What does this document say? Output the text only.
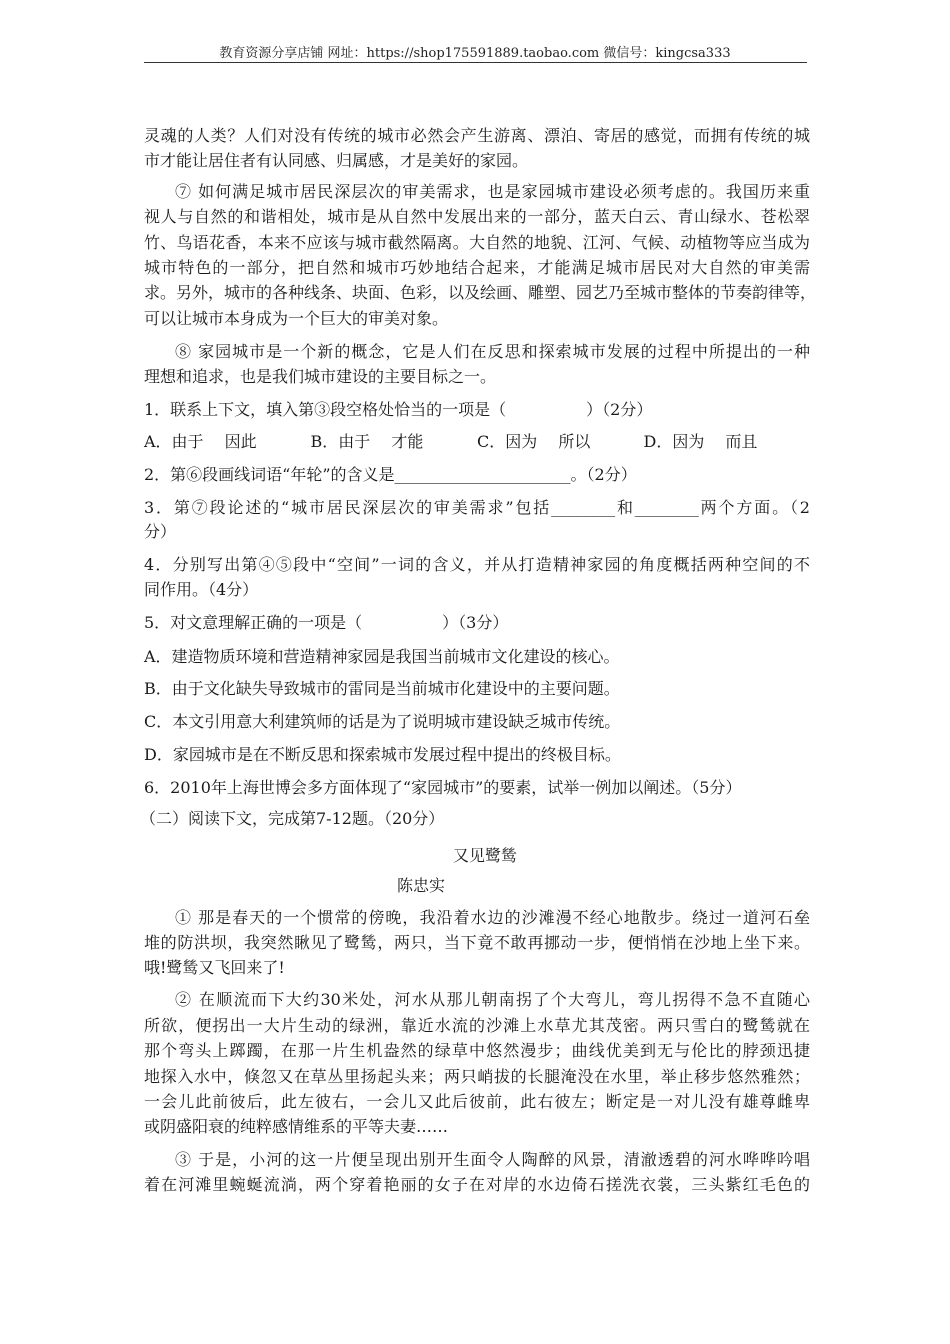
教育资源分享店铺 网址：https://shop175591889.taobao.com 微信号：kingcsa333
灵魂的人类？人们对没有传统的城市必然会产生游离、漂泊、寄居的感觉，而拥有传统的城
市才能让居住者有认同感、归属感，才是美好的家园。
⑦ 如何满足城市居民深层次的审美需求，也是家园城市建设必须考虑的。我国历来重
视人与自然的和谐相处，城市是从自然中发展出来的一部分，蓝天白云、青山绿水、苍松翠
竹、鸟语花香，本来不应该与城市截然隔离。大自然的地貌、江河、气候、动植物等应当成为
城市特色的一部分，把自然和城市巧妙地结合起来，才能满足城市居民对大自然的审美需
求。另外，城市的各种线条、块面、色彩，以及绘画、雕塑、园艺乃至城市整体的节奏韵律等，
可以让城市本身成为一个巨大的审美对象。
⑧ 家园城市是一个新的概念，它是人们在反思和探索城市发展的过程中所提出的一种
理想和追求，也是我们城市建设的主要目标之一。
1．联系上下文，填入第③段空格处恰当的一项是（　　　　　）（2分）
A．由于　 因此	B．由于　 才能	C．因为　 所以	D．因为　 而且
2．第⑥段画线词语“年轮”的含义是______________________。（2分）
3．第⑦段论述的“城市居民深层次的审美需求”包括________和________两个方面。（2
分）
4．分别写出第④⑤段中“空间”一词的含义，并从打造精神家园的角度概括两种空间的不
同作用。（4分）
5．对文意理解正确的一项是（　　　　　）（3分）
A．建造物质环境和营造精神家园是我国当前城市文化建设的核心。
B．由于文化缺失导致城市的雷同是当前城市化建设中的主要问题。
C．本文引用意大利建筑师的话是为了说明城市建设缺乏城市传统。
D．家园城市是在不断反思和探索城市发展过程中提出的终极目标。
6．2010年上海世博会多方面体现了“家园城市”的要素，试举一例加以阐述。（5分）
（二）阅读下文，完成第7-12题。（20分）
又见鹭鸶
陈忠实
① 那是春天的一个惯常的傍晚，我沿着水边的沙滩漫不经心地散步。绕过一道河石垒
堆的防洪坝，我突然瞅见了鹭鸶，两只，当下竟不敢再挪动一步，便悄悄在沙地上坐下来。
哦!鹭鸶又飞回来了!
② 在顺流而下大约30米处，河水从那儿朝南拐了个大弯儿，弯儿拐得不急不直随心
所欲，便拐出一大片生动的绿洲，靠近水流的沙滩上水草尤其茂密。两只雪白的鹭鸶就在
那个弯头上踯躅，在那一片生机盎然的绿草中悠然漫步；曲线优美到无与伦比的脖颈迅捷
地探入水中，倏忽又在草丛里扬起头来；两只峭拔的长腿淹没在水里，举止移步悠然雅然；
一会儿此前彼后，此左彼右，一会儿又此后彼前，此右彼左；断定是一对儿没有雄尊雌卑
或阴盛阳衰的纯粹感情维系的平等夫妻……
③ 于是，小河的这一片便呈现出别开生面令人陶醉的风景，清澈透碧的河水哗哗吟唱
着在河滩里蜿蜒流淌，两个穿着艳丽的女子在对岸的水边倚石搓洗衣裳，三头紫红毛色的
